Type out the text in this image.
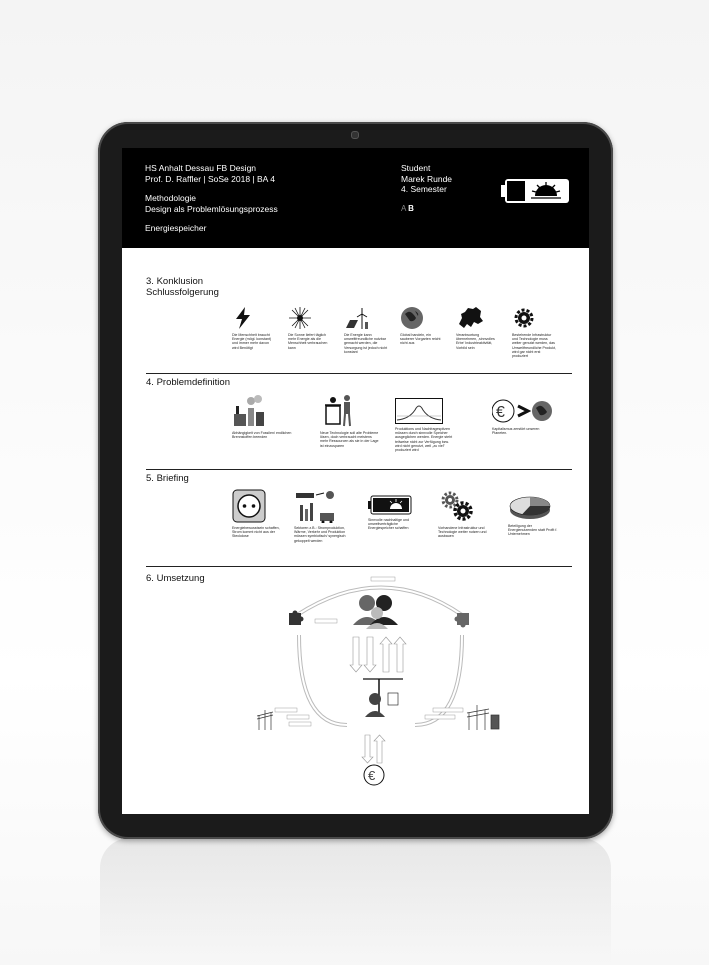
HS Anhalt Dessau FB Design
Prof. D. Raffler | SoSe 2018 | BA 4
Methodologie
Design als Problemlösungsprozess
Energiespeicher
Student
Marek Runde
4. Semester
A B
3. Konklusion
Schlussfolgerung
Die Menschheit braucht Energie (mögl. konstant) und immer mehr davon wird Benötigt
Die Sonne liefert täglich mehr Energie als die Menschheit verbrauchen kann
Die Energie kann umweltfreundliche nutzbar gemacht werden, die Versorgung ist jedoch nicht konstant
Global handeln, ein sauberer Vorgarten reicht nicht aus
Verantwortung übernehmen, ‚sinnvolles Erbe' Industrieaktivität, Vorbild sein
Bestehende Infrastruktur und Technologie muss weiter genutzt werden, das Umweltfreundliche Produkt, wird gar nicht erst produziert
4. Problemdefinition
Abhängigkeit von Fossilen/ endlichen Brennstoffen beenden
Neue Technologie soll alte Probleme lösen, doch verbraucht meistens mehr Ressourcen als sie in der Lage ist einzusparen
Produktions und Nachfragespitzen müssen durch sinnvolle Speicher ausgeglichen werden. Energie steht teilweise nicht zur Verfügung bzw. wird nicht genutzt, weil „zu viel" produziert wird
€
Kapitalismus zerstört unseren Planeten.
5. Briefing
Energiebewusstsein schaffen, Strom kommt nicht aus der Steckdose
Sektoren z.B.: Stromproduktion, Wärme, Verkehr und Produktion müssen symbiotisch/ synergisch gekoppelt werden
Sinnvolle nachhaltige und umweltverträgliche Energiespeicher schaffen	Vorhandene Infrastruktur und Technologie weiter nutzen und ausbauen
Beteiligung der Energienutzenden statt Profit f. Unternehmen
6. Umsetzung
€
